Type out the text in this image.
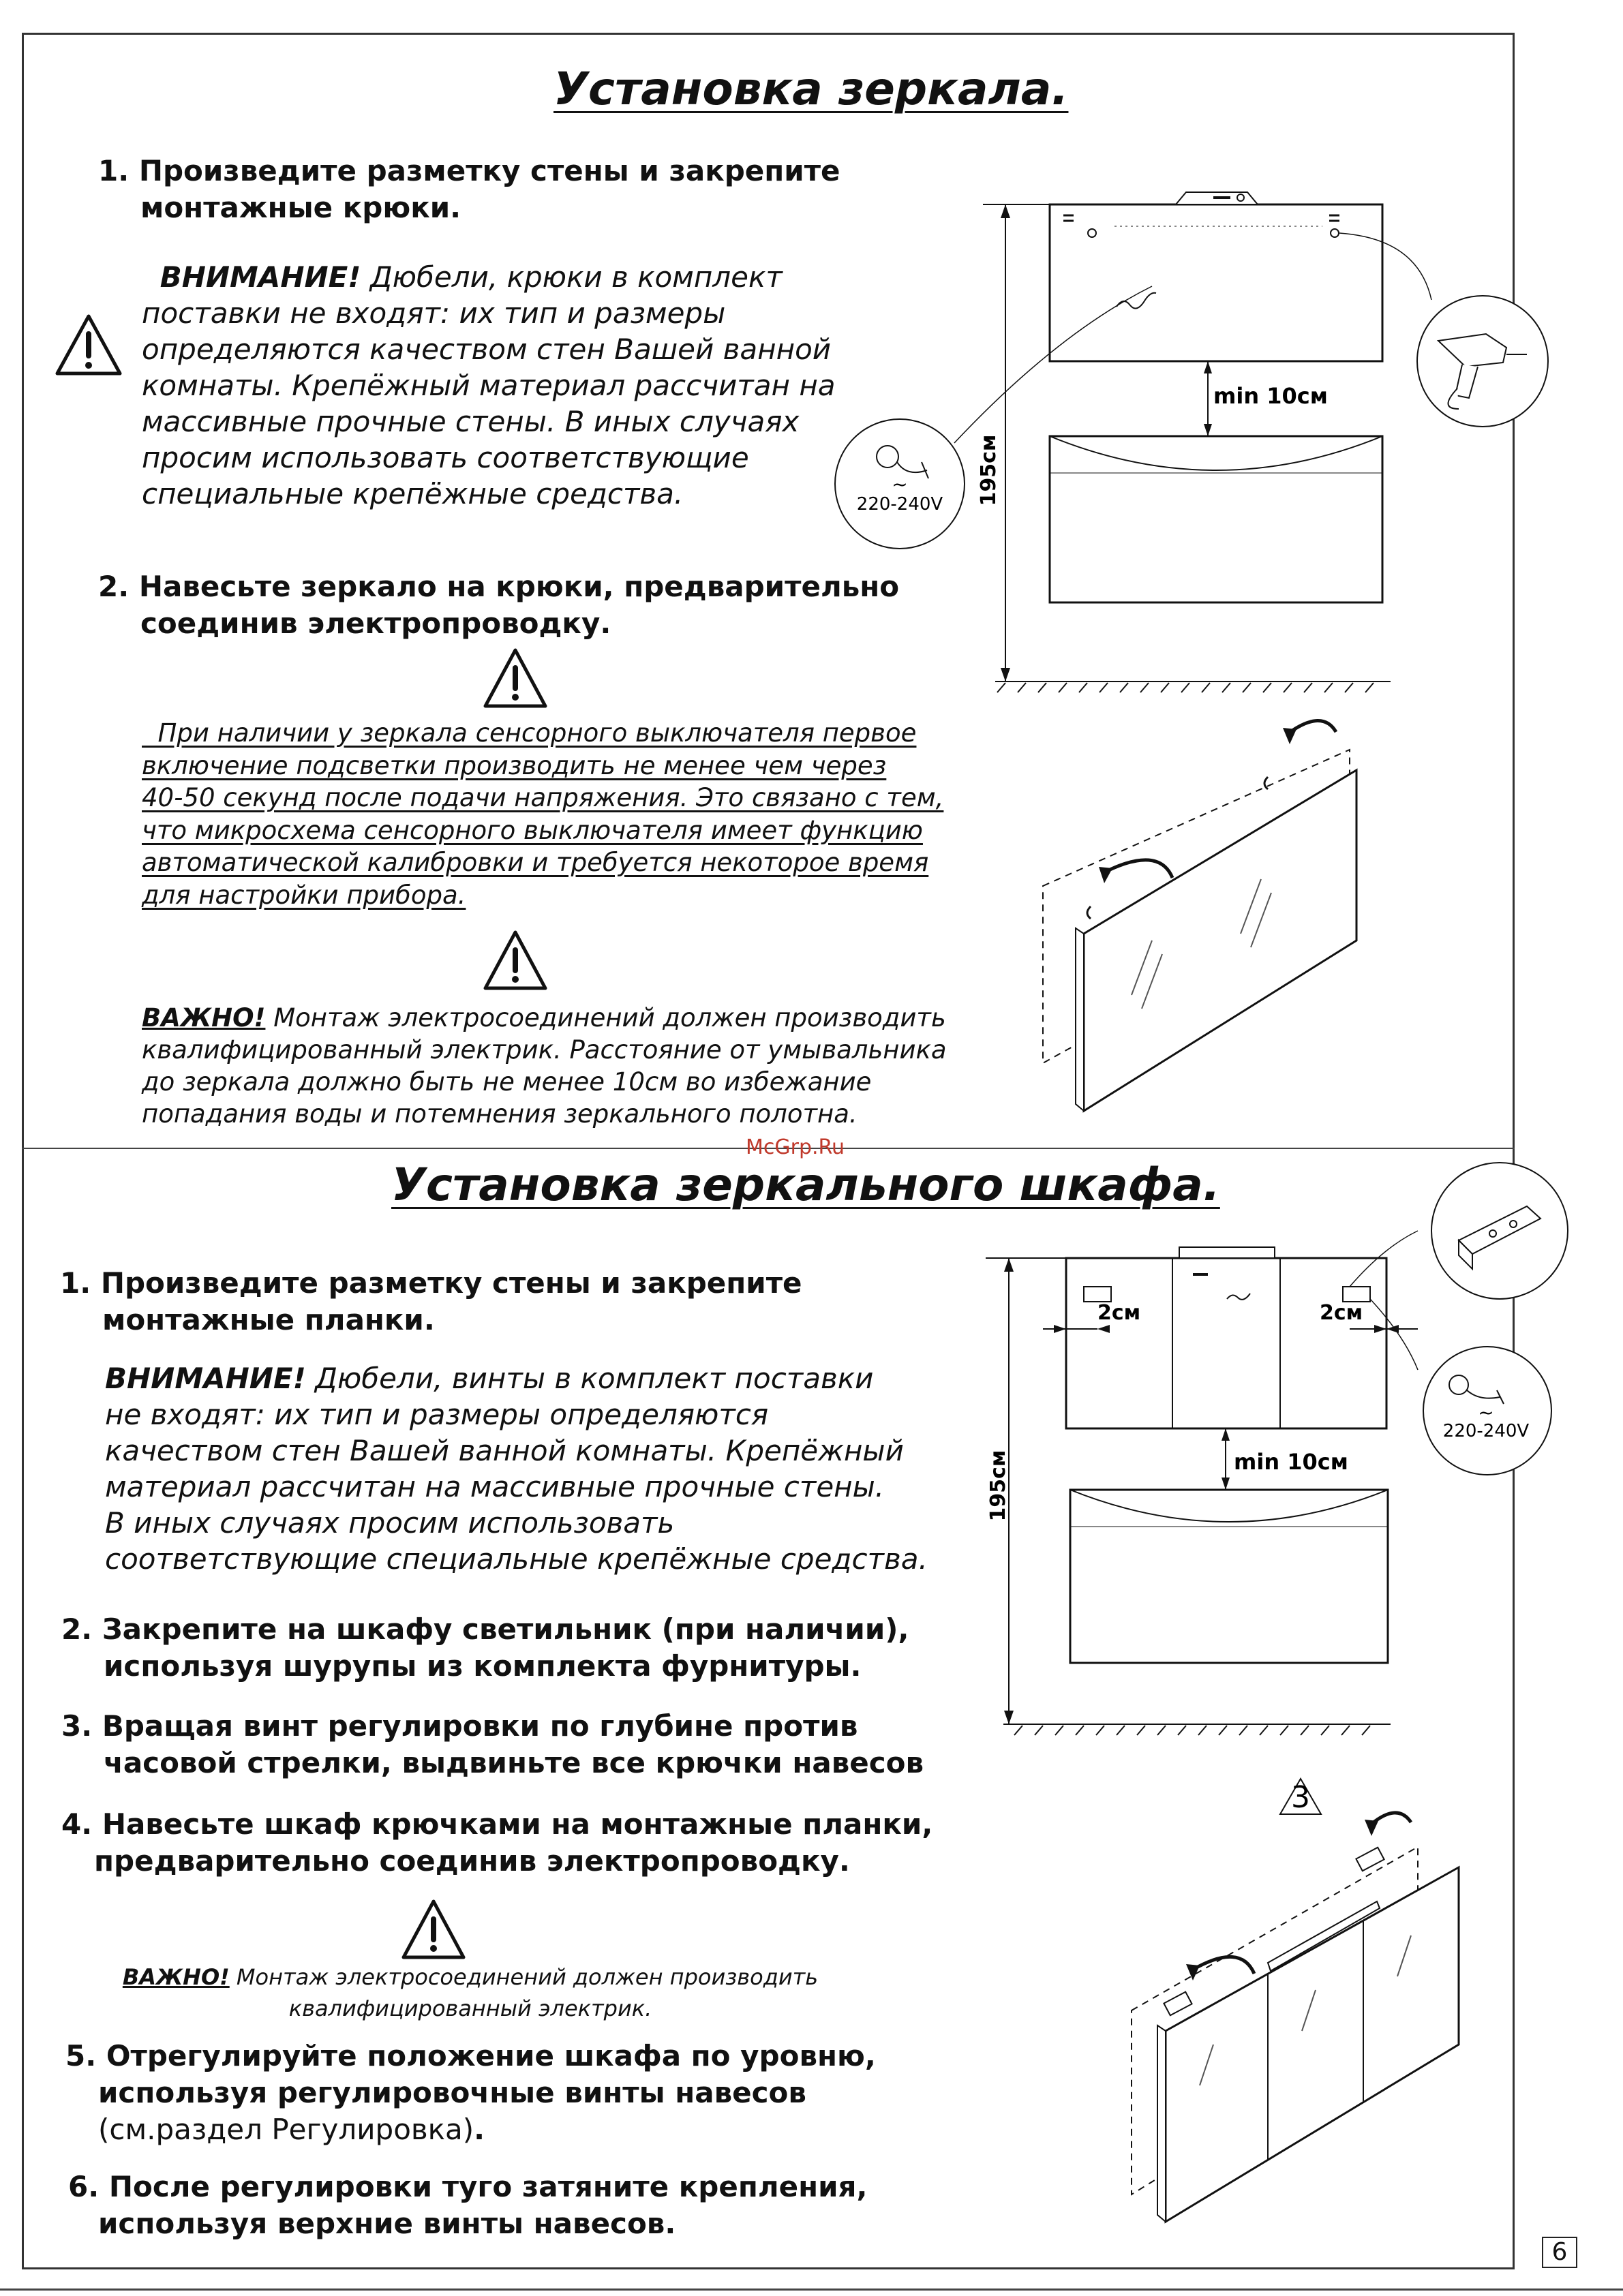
Установка зеркала.
1. Произведите разметку стены и закрепите
монтажные крюки.
ВНИМАНИЕ! Дюбели, крюки в комплект
поставки не входят: их тип и размеры
определяются качеством стен Вашей ванной
комнаты. Крепёжный материал рассчитан на
массивные прочные стены. В иных случаях
просим использовать соответствующие
специальные крепёжные средства.
2. Навесьте зеркало на крюки, предварительно
соединив электропроводку.
При наличии у зеркала сенсорного выключателя первое
включение подсветки производить не менее чем через
40-50 секунд после подачи напряжения. Это связано с тем,
что микросхема сенсорного выключателя имеет функцию
автоматической калибровки и требуется некоторое время
для настройки прибора.
ВАЖНО! Монтаж электросоединений должен производить
квалифицированный электрик. Расстояние от умывальника
до зеркала должно быть не менее 10см во избежание
попадания воды и потемнения зеркального полотна.
~
220-240V
min 10см
195см
McGrp.Ru
Установка зеркального шкафа.
1. Произведите разметку стены и закрепите
монтажные планки.
ВНИМАНИЕ! Дюбели, винты в комплект поставки
не входят: их тип и размеры определяются
качеством стен Вашей ванной комнаты. Крепёжный
материал рассчитан на массивные прочные стены.
В иных случаях просим использовать
соответствующие специальные крепёжные средства.
2. Закрепите на шкафу светильник (при наличии),
используя шурупы из комплекта фурнитуры.
3. Вращая винт регулировки по глубине против
часовой стрелки, выдвиньте все крючки навесов
4. Навесьте шкаф крючками на монтажные планки,
предварительно соединив электропроводку.
ВАЖНО! Монтаж электросоединений должен производить
квалифицированный электрик.
5. Отрегулируйте положение шкафа по уровню,
используя регулировочные винты навесов
(см.раздел Регулировка).
6. После регулировки туго затяните крепления,
используя верхние винты навесов.
2см	2см
min 10см
195см
~
220-240V
3
6
